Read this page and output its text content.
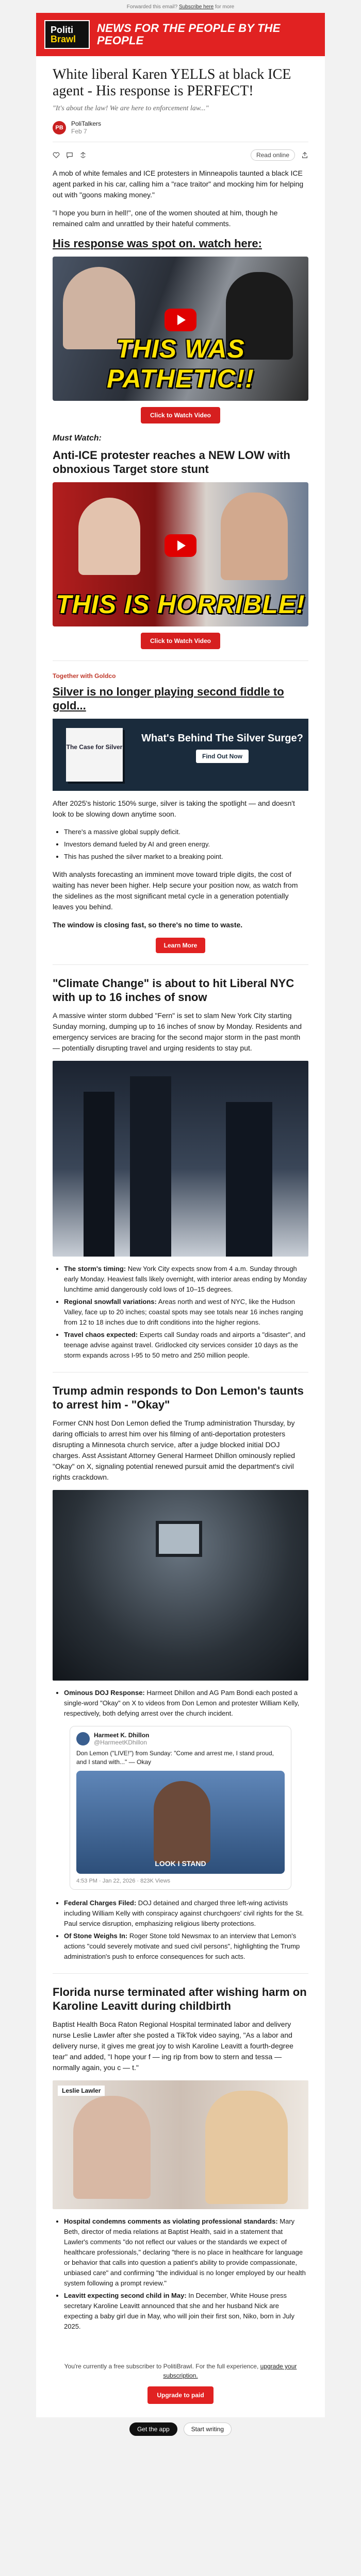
Forwarded this email? Subscribe here for more
Politi
Brawl
NEWS FOR THE PEOPLE BY THE PEOPLE
White liberal Karen YELLS at black ICE agent - His response is PERFECT!
"It's about the law! We are here to enforcement law..."
PB
PoliTalkers
Feb 7
Read online

A mob of white females and ICE protesters in Minneapolis taunted a black ICE agent parked in his car, calling him a "race traitor" and mocking him for helping out with "goons making money."

"I hope you burn in hell!", one of the women shouted at him, though he remained calm and unrattled by their hateful comments.

His response was spot on. watch here:
THIS WAS PATHETIC!!
Click to Watch Video
Must Watch:
Anti-ICE protester reaches a NEW LOW with obnoxious Target store stunt
THIS IS HORRIBLE!
Click to Watch Video
Together with Goldco
Silver is no longer playing second fiddle to gold...
The Case for Silver
What's Behind The Silver Surge?
Find Out Now

After 2025's historic 150% surge, silver is taking the spotlight — and doesn't look to be slowing down anytime soon.

• There's a massive global supply deficit.
• Investors demand fueled by AI and green energy.
• This has pushed the silver market to a breaking point.

With analysts forecasting an imminent move toward triple digits, the cost of waiting has never been higher. Help secure your position now, as watch from the sidelines as the most significant metal cycle in a generation potentially leaves you behind.

The window is closing fast, so there's no time to waste.

Learn More
"Climate Change" is about to hit Liberal NYC with up to 16 inches of snow

A massive winter storm dubbed "Fern" is set to slam New York City starting Sunday morning, dumping up to 16 inches of snow by Monday. Residents and emergency services are bracing for the second major storm in the past month — potentially disrupting travel and urging residents to stay put.

• The storm's timing: New York City expects snow from 4 a.m. Sunday through early Monday. Heaviest falls likely overnight, with interior areas ending by Monday lunchtime amid dangerously cold lows of 10–15 degrees.
• Regional snowfall variations: Areas north and west of NYC, like the Hudson Valley, face up to 20 inches; coastal spots may see totals near 16 inches ranging from 12 to 18 inches due to drift conditions into the higher regions.
• Travel chaos expected: Experts call Sunday roads and airports a "disaster", and teenage advise against travel. Gridlocked city services consider 10 days as the storm expands across I-95 to 50 metro and 250 million people.
Trump admin responds to Don Lemon's taunts to arrest him - "Okay"

Former CNN host Don Lemon defied the Trump administration Thursday, by daring officials to arrest him over his filming of anti-deportation protesters disrupting a Minnesota church service, after a judge blocked initial DOJ charges. Asst Assistant Attorney General Harmeet Dhillon ominously replied "Okay" on X, signaling potential renewed pursuit amid the department's civil rights crackdown.

• Ominous DOJ Response: Harmeet Dhillon and AG Pam Bondi each posted a single-word "Okay" on X to videos from Don Lemon and protester William Kelly, respectively, both defying arrest over the church incident.
Harmeet K. Dhillon
@HarmeetKDhillon
Don Lemon ("LIVE!") from Sunday: "Come and arrest me, I stand proud, and I stand with..." — Okay
LOOK I STAND
4:53 PM · Jan 22, 2026 · 823K Views
• Federal Charges Filed: DOJ detained and charged three left-wing activists including William Kelly with conspiracy against churchgoers' civil rights for the St. Paul service disruption, emphasizing religious liberty protections.
• Of Stone Weighs In: Roger Stone told Newsmax to an interview that Lemon's actions "could severely motivate and sued civil persons", highlighting the Trump administration's push to enforce consequences for such acts.
Florida nurse terminated after wishing harm on Karoline Leavitt during childbirth

Baptist Health Boca Raton Regional Hospital terminated labor and delivery nurse Leslie Lawler after she posted a TikTok video saying, "As a labor and delivery nurse, it gives me great joy to wish Karoline Leavitt a fourth-degree tear" and added, "I hope your f — ing rip from bow to stern and tessa — normally again, you c — t."

Leslie Lawler
• Hospital condemns comments as violating professional standards: Mary Beth, director of media relations at Baptist Health, said in a statement that Lawler's comments "do not reflect our values or the standards we expect of healthcare professionals," declaring "there is no place in healthcare for language or behavior that calls into question a patient's ability to provide compassionate, unbiased care" and confirming "the individual is no longer employed by our health system following a prompt review."
• Leavitt expecting second child in May: In December, White House press secretary Karoline Leavitt announced that she and her husband Nick are expecting a baby girl due in May, who will join their first son, Niko, born in July 2025.
You're currently a free subscriber to PolitiBrawl. For the full experience, upgrade your subscription.
Upgrade to paid
Get the app	Start writing
